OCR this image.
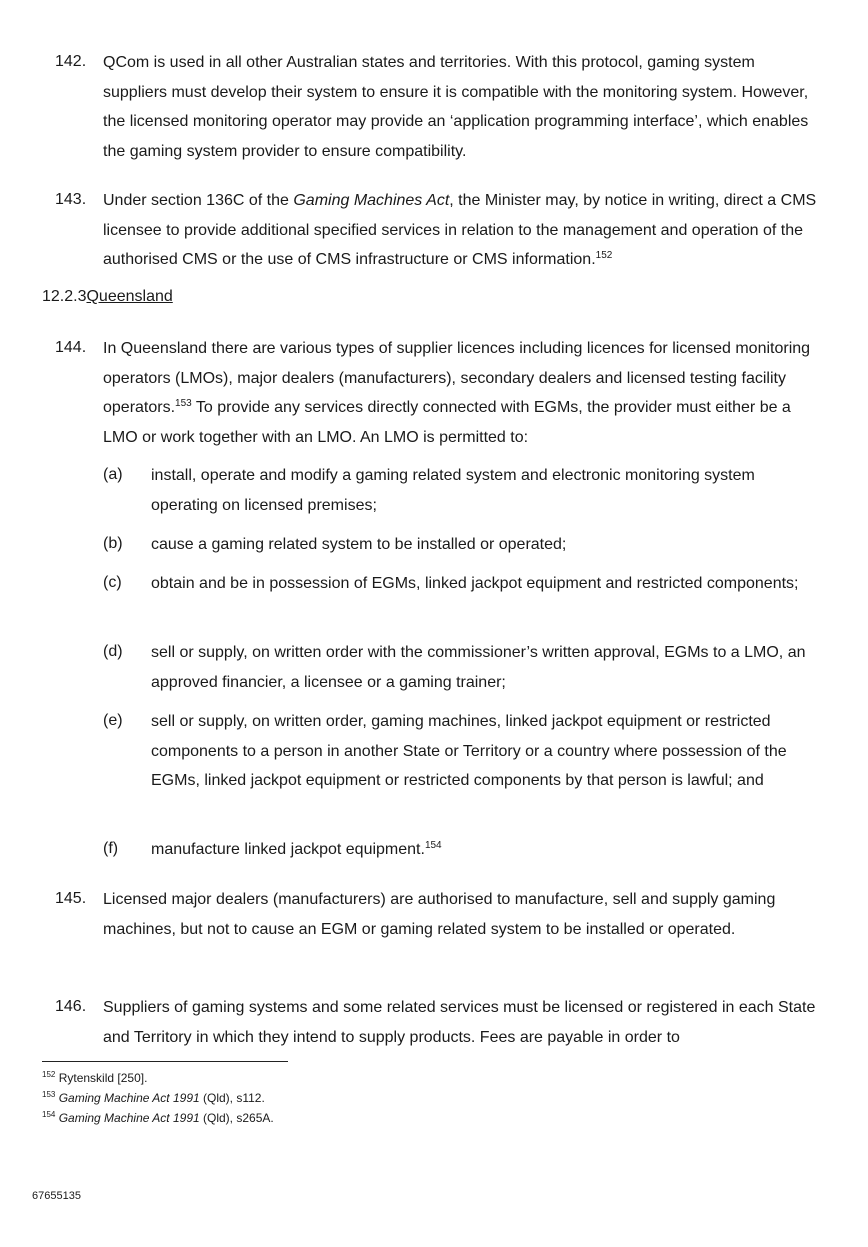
142. QCom is used in all other Australian states and territories. With this protocol, gaming system suppliers must develop their system to ensure it is compatible with the monitoring system. However, the licensed monitoring operator may provide an ‘application programming interface’, which enables the gaming system provider to ensure compatibility.
143. Under section 136C of the Gaming Machines Act, the Minister may, by notice in writing, direct a CMS licensee to provide additional specified services in relation to the management and operation of the authorised CMS or the use of CMS infrastructure or CMS information.$^{152}$
12.2.3Queensland
144. In Queensland there are various types of supplier licences including licences for licensed monitoring operators (LMOs), major dealers (manufacturers), secondary dealers and licensed testing facility operators.$^{153}$ To provide any services directly connected with EGMs, the provider must either be a LMO or work together with an LMO. An LMO is permitted to:
(a) install, operate and modify a gaming related system and electronic monitoring system operating on licensed premises;
(b) cause a gaming related system to be installed or operated;
(c) obtain and be in possession of EGMs, linked jackpot equipment and restricted components;
(d) sell or supply, on written order with the commissioner’s written approval, EGMs to a LMO, an approved financier, a licensee or a gaming trainer;
(e) sell or supply, on written order, gaming machines, linked jackpot equipment or restricted components to a person in another State or Territory or a country where possession of the EGMs, linked jackpot equipment or restricted components by that person is lawful; and
(f) manufacture linked jackpot equipment.$^{154}$
145. Licensed major dealers (manufacturers) are authorised to manufacture, sell and supply gaming machines, but not to cause an EGM or gaming related system to be installed or operated.
146. Suppliers of gaming systems and some related services must be licensed or registered in each State and Territory in which they intend to supply products. Fees are payable in order to
$^{152}$ Rytenskild [250].
$^{153}$ Gaming Machine Act 1991 (Qld), s112.
$^{154}$ Gaming Machine Act 1991 (Qld), s265A.
67655135
